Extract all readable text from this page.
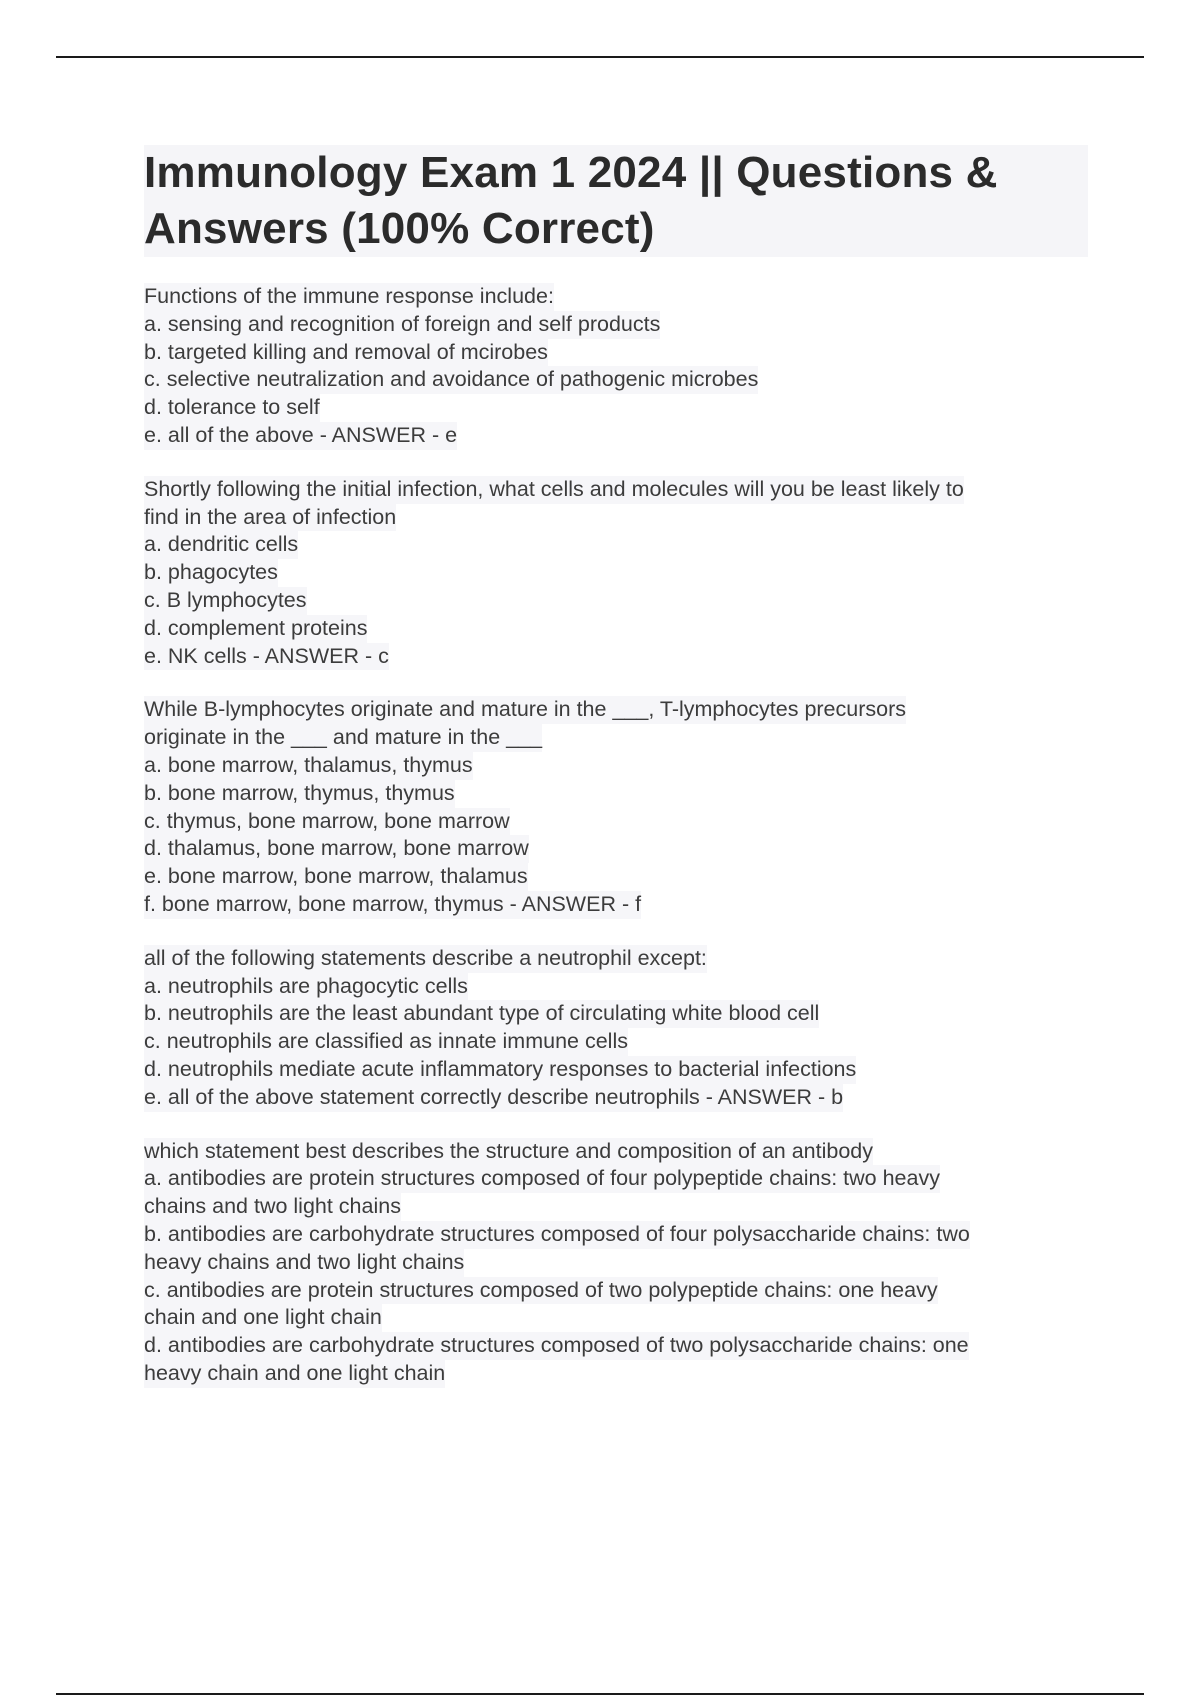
Immunology Exam 1 2024 || Questions & Answers (100% Correct)
Functions of the immune response include:
a. sensing and recognition of foreign and self products
b. targeted killing and removal of mcirobes
c. selective neutralization and avoidance of pathogenic microbes
d. tolerance to self
e. all of the above - ANSWER - e
Shortly following the initial infection, what cells and molecules will you be least likely to
find in the area of infection
a. dendritic cells
b. phagocytes
c. B lymphocytes
d. complement proteins
e. NK cells - ANSWER - c
While B-lymphocytes originate and mature in the ___, T-lymphocytes precursors
originate in the ___ and mature in the ___
a. bone marrow, thalamus, thymus
b. bone marrow, thymus, thymus
c. thymus, bone marrow, bone marrow
d. thalamus, bone marrow, bone marrow
e. bone marrow, bone marrow, thalamus
f. bone marrow, bone marrow, thymus - ANSWER - f
all of the following statements describe a neutrophil except:
a. neutrophils are phagocytic cells
b. neutrophils are the least abundant type of circulating white blood cell
c. neutrophils are classified as innate immune cells
d. neutrophils mediate acute inflammatory responses to bacterial infections
e. all of the above statement correctly describe neutrophils - ANSWER - b
which statement best describes the structure and composition of an antibody
a. antibodies are protein structures composed of four polypeptide chains: two heavy
chains and two light chains
b. antibodies are carbohydrate structures composed of four polysaccharide chains: two
heavy chains and two light chains
c. antibodies are protein structures composed of two polypeptide chains: one heavy
chain and one light chain
d. antibodies are carbohydrate structures composed of two polysaccharide chains: one
heavy chain and one light chain
